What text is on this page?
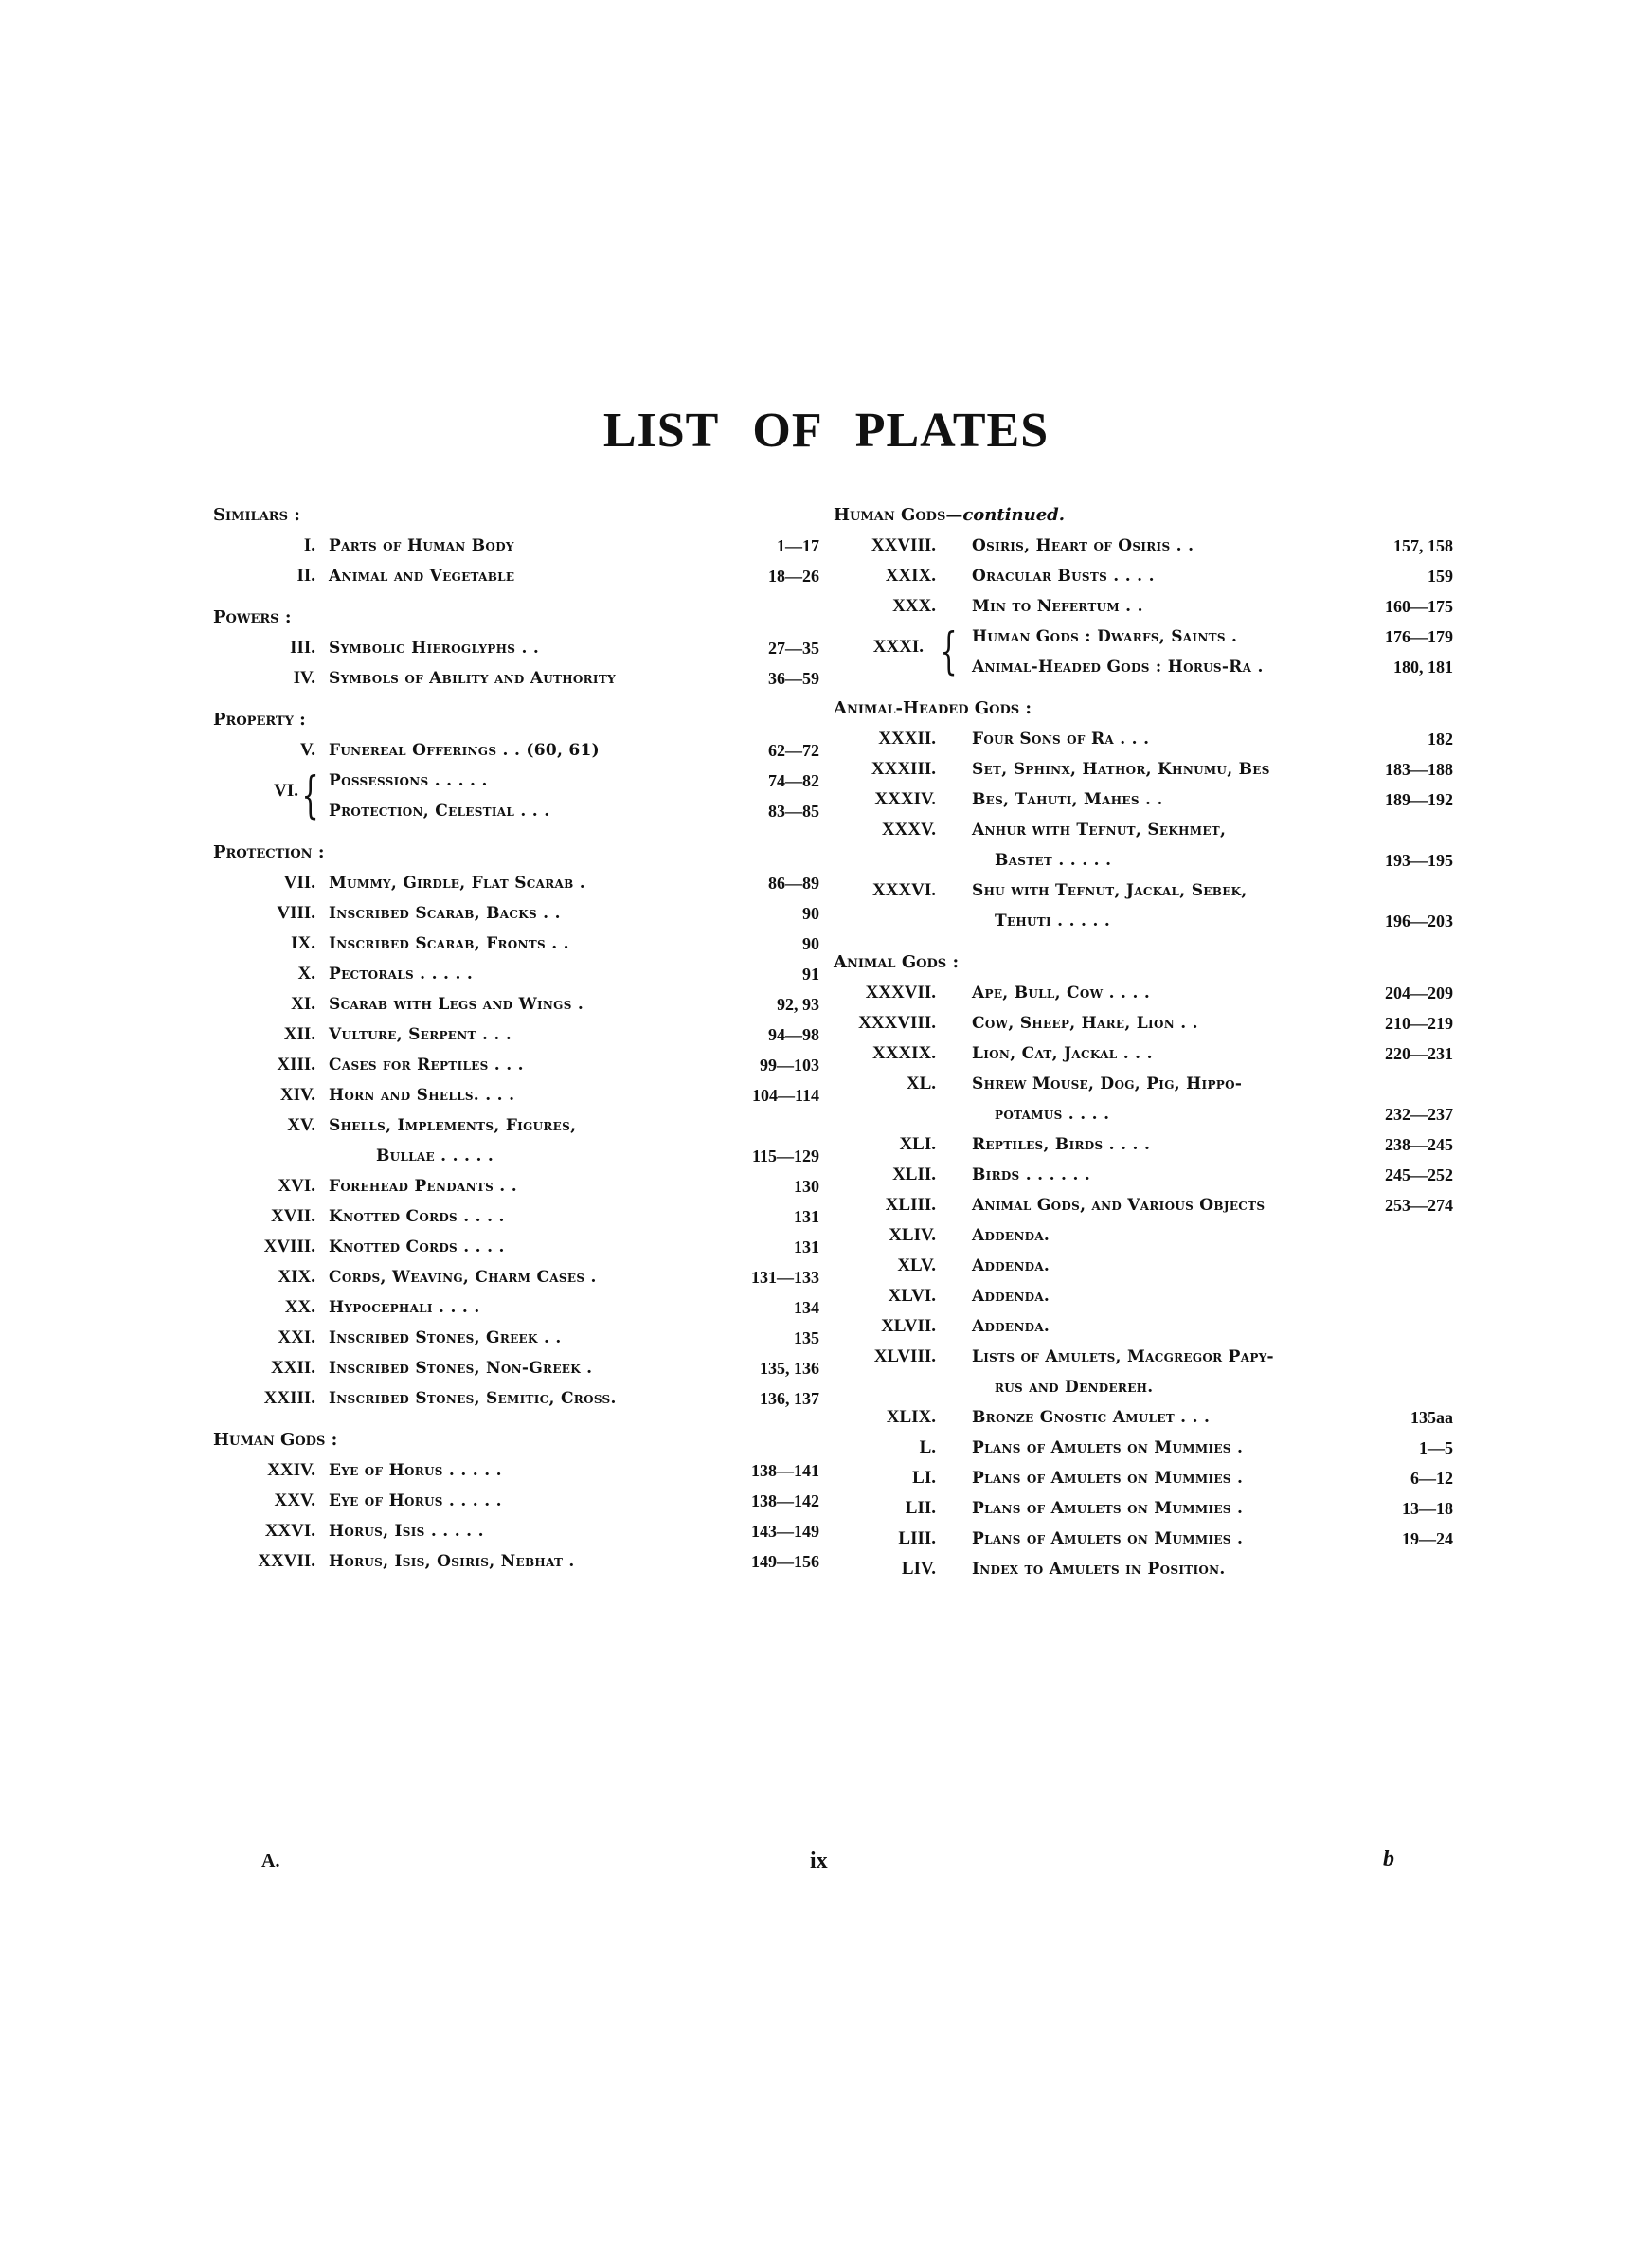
LIST OF PLATES
Similars :
I. Parts of Human Body	1—17
II. Animal and Vegetable	18—26
Powers :
III. Symbolic Hieroglyphs . .	27—35
IV. Symbols of Ability and Authority	36—59
Property :
V. Funereal Offerings . . (60, 61)	62—72
VI. { Possessions . . . . .	74—82
Protection, Celestial . . .	83—85
Protection :
VII. Mummy, Girdle, Flat Scarab .	86—89
VIII. Inscribed Scarab, Backs . .	90
IX. Inscribed Scarab, Fronts . .	90
X. Pectorals . . . . .	91
XI. Scarab with Legs and Wings .	92, 93
XII. Vulture, Serpent . . .	94—98
XIII. Cases for Reptiles . . .	99—103
XIV. Horn and Shells. . . .	104—114
XV. Shells, Implements, Figures,
Bullae . . . . .	115—129
XVI. Forehead Pendants . .	130
XVII. Knotted Cords . . . .	131
XVIII. Knotted Cords . . . .	131
XIX. Cords, Weaving, Charm Cases .	131—133
XX. Hypocephali . . . .	134
XXI. Inscribed Stones, Greek . .	135
XXII. Inscribed Stones, Non-Greek .	135, 136
XXIII. Inscribed Stones, Semitic, Cross.	136, 137
Human Gods :
XXIV. Eye of Horus . . . . .	138—141
XXV. Eye of Horus . . . . .	138—142
XXVI. Horus, Isis . . . . .	143—149
XXVII. Horus, Isis, Osiris, Nebhat .	149—156
Human Gods—continued.
XXVIII. Osiris, Heart of Osiris . .	157, 158
XXIX. Oracular Busts . . . .	159
XXX. Min to Nefertum . .	160—175
XXXI. { Human Gods : Dwarfs, Saints .	176—179
Animal-Headed Gods : Horus-Ra .	180, 181
Animal-Headed Gods :
XXXII. Four Sons of Ra . . .	182
XXXIII. Set, Sphinx, Hathor, Khnumu, Bes	183—188
XXXIV. Bes, Tahuti, Mahes . .	189—192
XXXV. Anhur with Tefnut, Sekhmet,
Bastet . . . . .	193—195
XXXVI. Shu with Tefnut, Jackal, Sebek,
Tehuti . . . . .	196—203
Animal Gods :
XXXVII. Ape, Bull, Cow . . . .	204—209
XXXVIII. Cow, Sheep, Hare, Lion . .	210—219
XXXIX. Lion, Cat, Jackal . . .	220—231
XL. Shrew Mouse, Dog, Pig, Hippo-
potamus . . . .	232—237
XLI. Reptiles, Birds . . . .	238—245
XLII. Birds . . . . . .	245—252
XLIII. Animal Gods, and Various Objects	253—274
XLIV. Addenda.
XLV. Addenda.
XLVI. Addenda.
XLVII. Addenda.
XLVIII. Lists of Amulets, Macgregor Papy-
rus and Dendereh.
XLIX. Bronze Gnostic Amulet . . .	135aa
L. Plans of Amulets on Mummies .	1—5
LI. Plans of Amulets on Mummies .	6—12
LII. Plans of Amulets on Mummies .	13—18
LIII. Plans of Amulets on Mummies .	19—24
LIV. Index to Amulets in Position.
A.	ix	b
